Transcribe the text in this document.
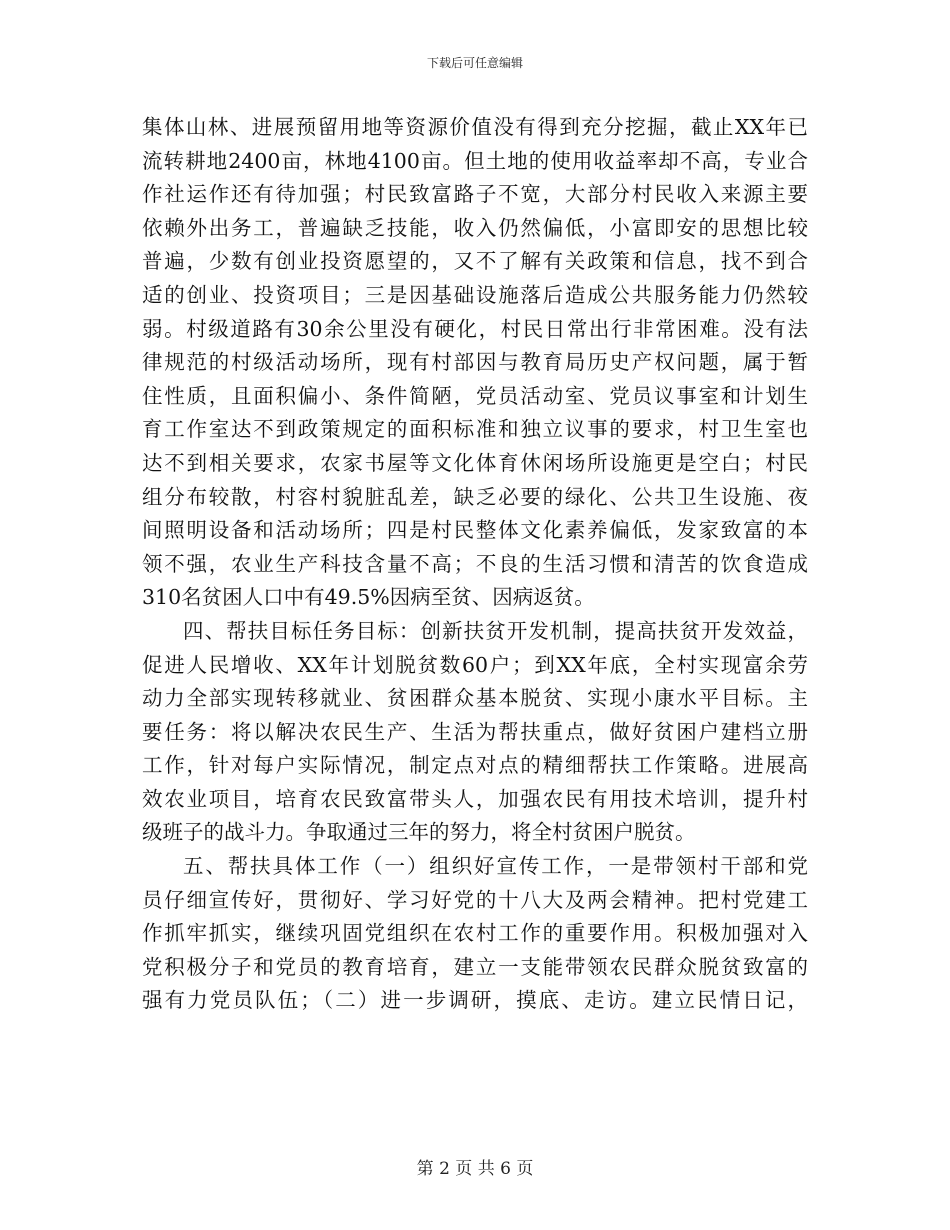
下载后可任意编辑
集体山林、进展预留用地等资源价值没有得到充分挖掘，截止XX年已
流转耕地2400亩，林地4100亩。但土地的使用收益率却不高，专业合
作社运作还有待加强；村民致富路子不宽，大部分村民收入来源主要
依赖外出务工，普遍缺乏技能，收入仍然偏低，小富即安的思想比较
普遍，少数有创业投资愿望的，又不了解有关政策和信息，找不到合
适的创业、投资项目；三是因基础设施落后造成公共服务能力仍然较
弱。村级道路有30余公里没有硬化，村民日常出行非常困难。没有法
律规范的村级活动场所，现有村部因与教育局历史产权问题，属于暂
住性质，且面积偏小、条件简陋，党员活动室、党员议事室和计划生
育工作室达不到政策规定的面积标准和独立议事的要求，村卫生室也
达不到相关要求，农家书屋等文化体育休闲场所设施更是空白；村民
组分布较散，村容村貌脏乱差，缺乏必要的绿化、公共卫生设施、夜
间照明设备和活动场所；四是村民整体文化素养偏低，发家致富的本
领不强，农业生产科技含量不高；不良的生活习惯和清苦的饮食造成
310名贫困人口中有49.5%因病至贫、因病返贫。
四、帮扶目标任务目标：创新扶贫开发机制，提高扶贫开发效益，
促进人民增收、XX年计划脱贫数60户；到XX年底，全村实现富余劳
动力全部实现转移就业、贫困群众基本脱贫、实现小康水平目标。主
要任务：将以解决农民生产、生活为帮扶重点，做好贫困户建档立册
工作，针对每户实际情况，制定点对点的精细帮扶工作策略。进展高
效农业项目，培育农民致富带头人，加强农民有用技术培训，提升村
级班子的战斗力。争取通过三年的努力，将全村贫困户脱贫。
五、帮扶具体工作（一）组织好宣传工作，一是带领村干部和党
员仔细宣传好，贯彻好、学习好党的十八大及两会精神。把村党建工
作抓牢抓实，继续巩固党组织在农村工作的重要作用。积极加强对入
党积极分子和党员的教育培育，建立一支能带领农民群众脱贫致富的
强有力党员队伍；（二）进一步调研，摸底、走访。建立民情日记，
第 2 页 共 6 页
